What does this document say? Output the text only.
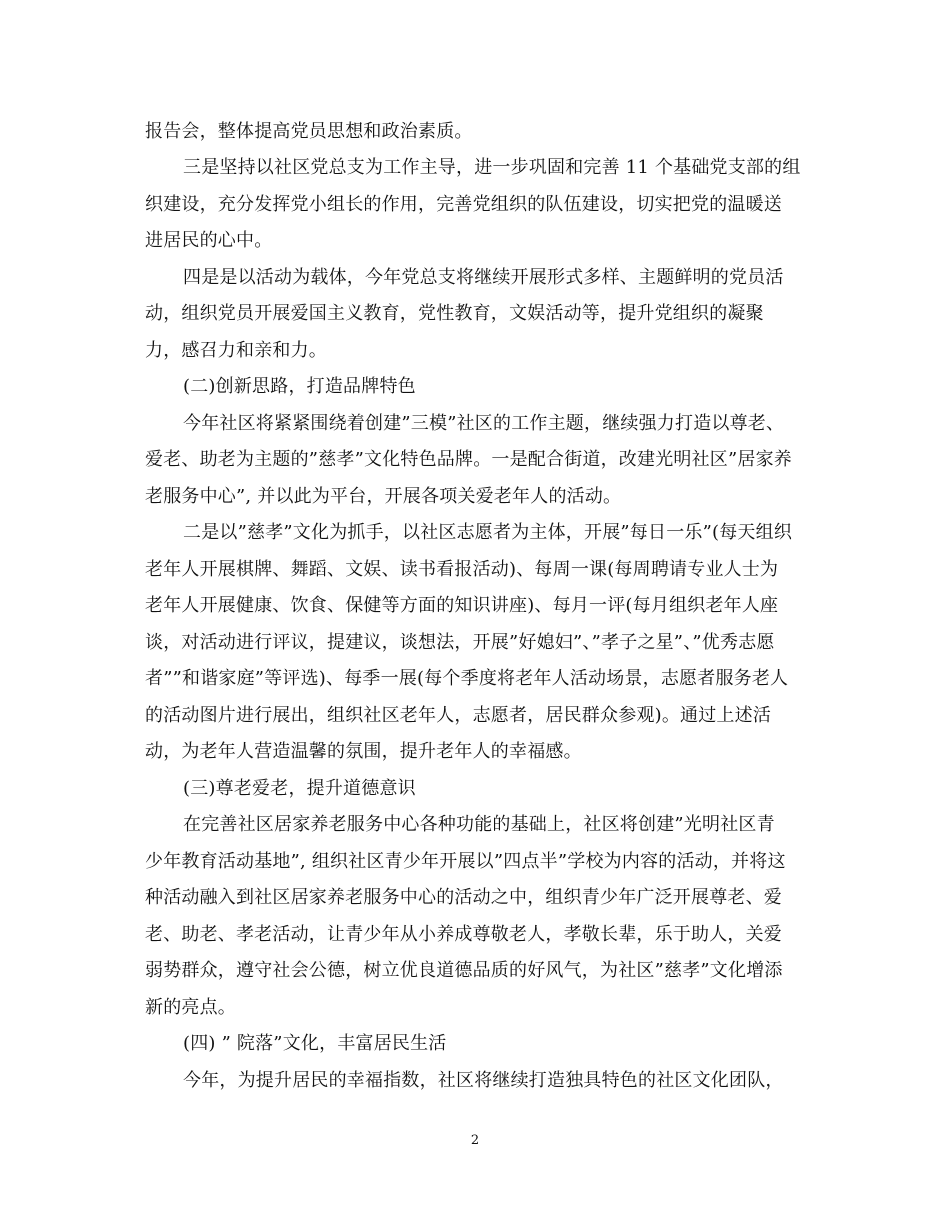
报告会，整体提高党员思想和政治素质。
三是坚持以社区党总支为工作主导，进一步巩固和完善 11 个基础党支部的组
织建设，充分发挥党小组长的作用，完善党组织的队伍建设，切实把党的温暖送
进居民的心中。
四是是以活动为载体，今年党总支将继续开展形式多样、主题鲜明的党员活
动，组织党员开展爱国主义教育，党性教育，文娱活动等，提升党组织的凝聚
力，感召力和亲和力。
(二)创新思路，打造品牌特色
今年社区将紧紧围绕着创建”三模”社区的工作主题，继续强力打造以尊老、
爱老、助老为主题的”慈孝”文化特色品牌。一是配合街道，改建光明社区”居家养
老服务中心”, 并以此为平台，开展各项关爱老年人的活动。
二是以”慈孝”文化为抓手，以社区志愿者为主体，开展”每日一乐”(每天组织
老年人开展棋牌、舞蹈、文娱、读书看报活动)、每周一课(每周聘请专业人士为
老年人开展健康、饮食、保健等方面的知识讲座)、每月一评(每月组织老年人座
谈，对活动进行评议，提建议，谈想法，开展”好媳妇”、”孝子之星”、”优秀志愿
者””和谐家庭”等评选)、每季一展(每个季度将老年人活动场景，志愿者服务老人
的活动图片进行展出，组织社区老年人，志愿者，居民群众参观)。通过上述活
动，为老年人营造温馨的氛围，提升老年人的幸福感。
(三)尊老爱老，提升道德意识
在完善社区居家养老服务中心各种功能的基础上，社区将创建”光明社区青
少年教育活动基地”, 组织社区青少年开展以”四点半”学校为内容的活动，并将这
种活动融入到社区居家养老服务中心的活动之中，组织青少年广泛开展尊老、爱
老、助老、孝老活动，让青少年从小养成尊敬老人，孝敬长辈，乐于助人，关爱
弱势群众，遵守社会公德，树立优良道德品质的好风气，为社区”慈孝”文化增添
新的亮点。
(四) ” 院落”文化，丰富居民生活
今年，为提升居民的幸福指数，社区将继续打造独具特色的社区文化团队，
2
